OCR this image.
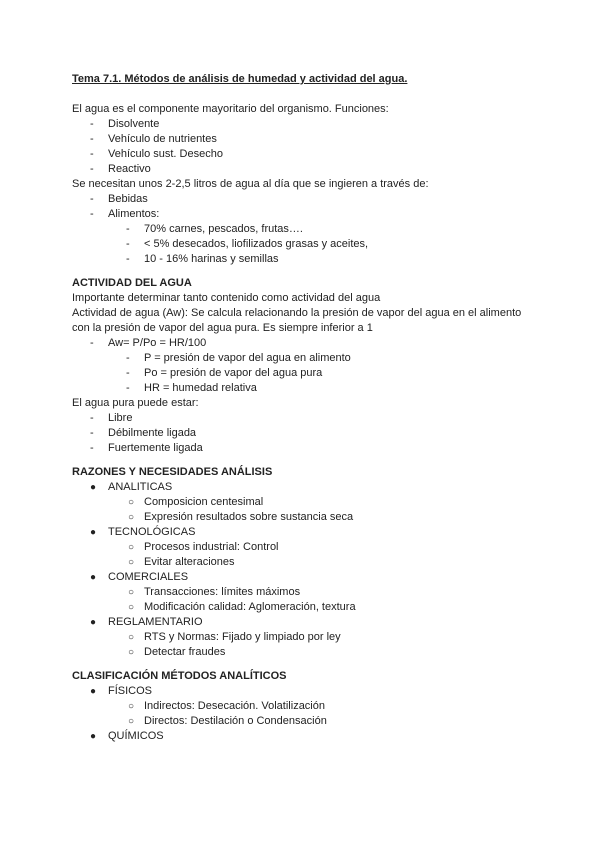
Tema 7.1. Métodos de análisis de humedad y actividad del agua.
El agua es el componente mayoritario del organismo. Funciones:
- Disolvente
- Vehículo de nutrientes
- Vehículo sust. Desecho
- Reactivo
Se necesitan unos 2-2,5 litros de agua al día que se ingieren a través de:
- Bebidas
- Alimentos:
- 70% carnes, pescados, frutas….
- < 5% desecados, liofilizados grasas y aceites,
- 10 - 16% harinas y semillas
ACTIVIDAD DEL AGUA
Importante determinar tanto contenido como actividad del agua
Actividad de agua (Aw): Se calcula relacionando la presión de vapor del agua en el alimento
con la presión de vapor del agua pura. Es siempre inferior a 1
- Aw= P/Po = HR/100
- P = presión de vapor del agua en alimento
- Po = presión de vapor del agua pura
- HR = humedad relativa
El agua pura puede estar:
- Libre
- Débilmente ligada
- Fuertemente ligada
RAZONES Y NECESIDADES ANÁLISIS
● ANALITICAS
○ Composicion centesimal
○ Expresión resultados sobre sustancia seca
● TECNOLÓGICAS
○ Procesos industrial: Control
○ Evitar alteraciones
● COMERCIALES
○ Transacciones: límites máximos
○ Modificación calidad: Aglomeración, textura
● REGLAMENTARIO
○ RTS y Normas: Fijado y limpiado por ley
○ Detectar fraudes
CLASIFICACIÓN MÉTODOS ANALÍTICOS
● FÍSICOS
○ Indirectos: Desecación. Volatilización
○ Directos: Destilación o Condensación
● QUÍMICOS
